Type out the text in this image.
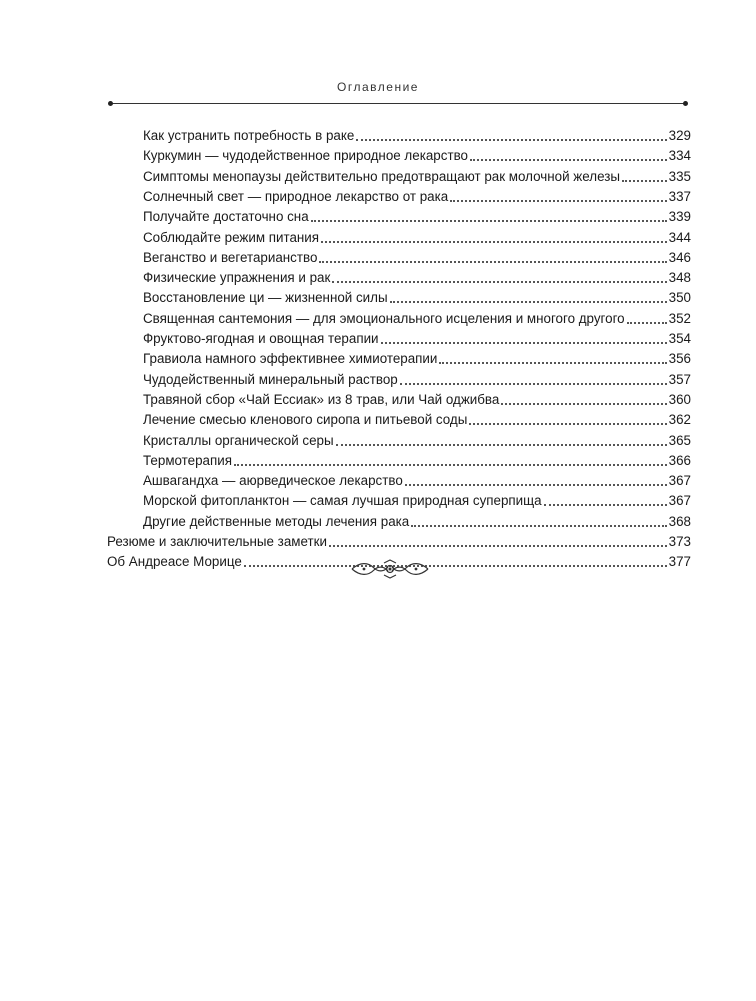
Оглавление
Как устранить потребность в раке	329
Куркумин — чудодейственное природное лекарство	334
Симптомы менопаузы действительно предотвращают рак молочной железы	335
Солнечный свет — природное лекарство от рака	337
Получайте достаточно сна	339
Соблюдайте режим питания	344
Веганство и вегетарианство	346
Физические упражнения и рак	348
Восстановление ци — жизненной силы	350
Священная сантемония — для эмоционального исцеления и многого другого	352
Фруктово-ягодная и овощная терапии	354
Гравиола намного эффективнее химиотерапии	356
Чудодейственный минеральный раствор	357
Травяной сбор «Чай Ессиак» из 8 трав, или Чай оджибва	360
Лечение смесью кленового сиропа и питьевой соды	362
Кристаллы органической серы	365
Термотерапия	366
Ашвагандха — аюрведическое лекарство	367
Морской фитопланктон — самая лучшая природная суперпища	367
Другие действенные методы лечения рака	368
Резюме и заключительные заметки	373
Об Андреасе Морице	377
